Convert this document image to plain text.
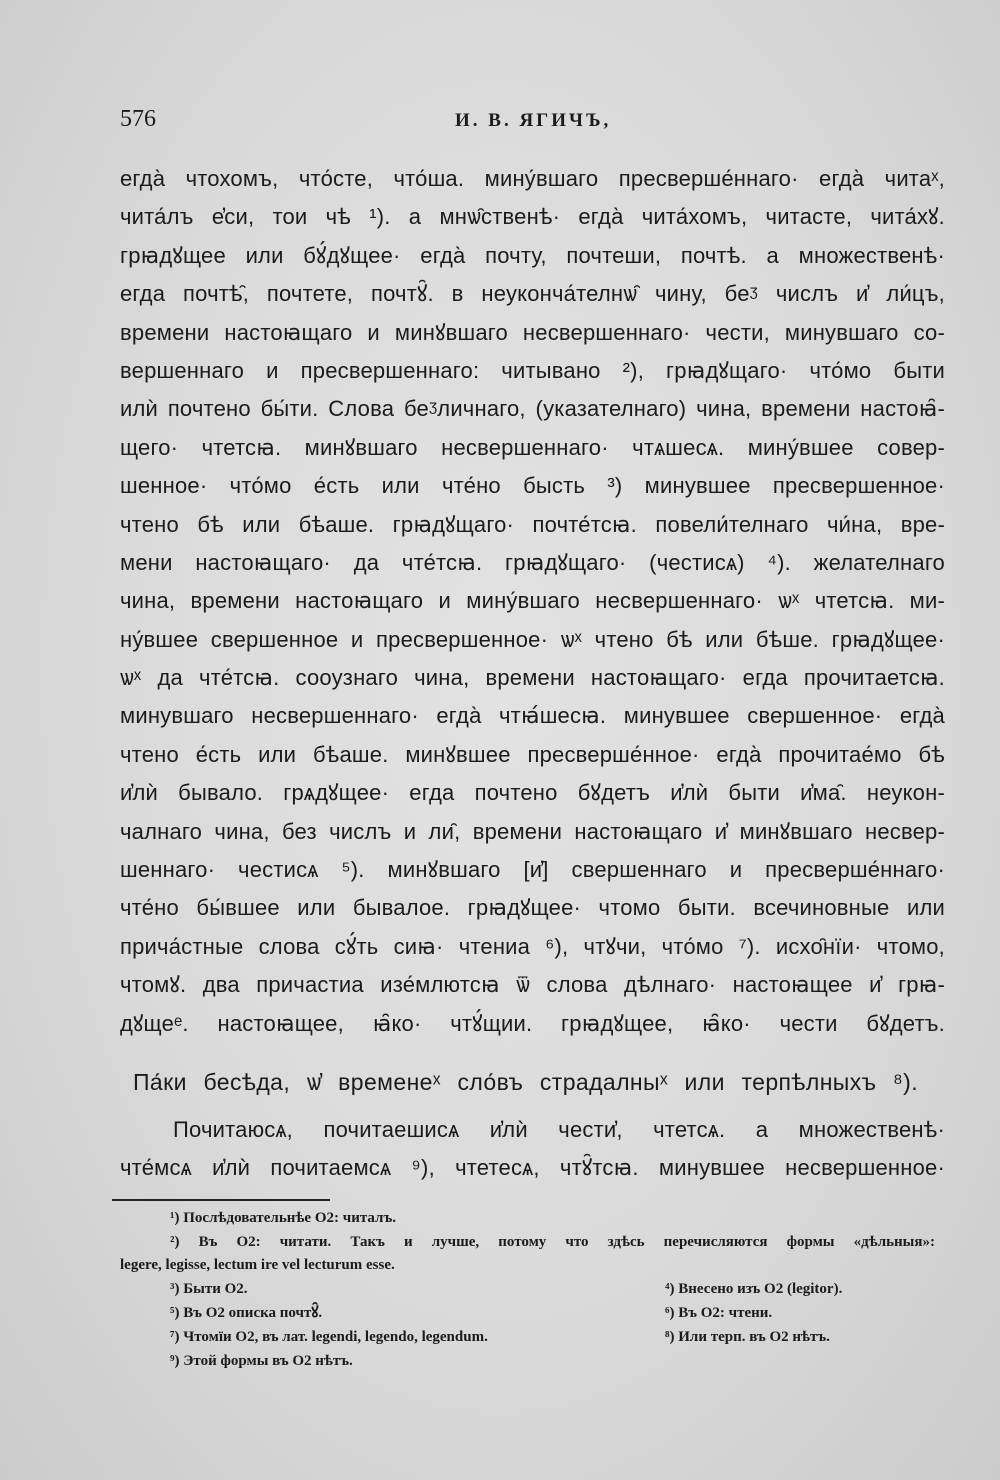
576	И. В. ЯГИЧЪ,
егда̀ чтохомъ, что́сте, что́ша. мину́вшаго пресверше́ннаго· егда̀ читаˣ,
чита́лъ е̓си, тои чѣ ¹). а мнѡ̑ственѣ· егда̀ чита́хомъ, читасте, чита́хꙋ.
грꙗдꙋщее или бꙋ́дꙋщее· егда̀ почту, почтеши, почтѣ. а множественѣ·
егда почтѣ̑, почтете, почтꙋ̑. в неуконча́телнѡ̑ чину, беᶾ числъ и̓ ли́цъ,
времени настоꙗщаго и минꙋвшаго несвершеннаго· чести, минувшаго со-
вершеннаго и пресвершеннаго: читывано ²), грꙗдꙋщаго· что́мо быти
илѝ почтено бы́ти. Слова беᶾличнаго, (указателнаго) чина, времени настоꙗ̑-
щего· чтетсꙗ. минꙋвшаго несвершеннаго· чтѧшесѧ. мину́вшее совер-
шенное· что́мо е́сть или чте́но бысть ³) минувшее пресвершенное·
чтено бѣ или бѣаше. грꙗдꙋщаго· почте́тсꙗ. повели́телнаго чи́на, вре-
мени настоꙗщаго· да чте́тсꙗ. грꙗдꙋщаго· (честисѧ) ⁴). желателнаго
чина, времени настоꙗщаго и мину́вшаго несвершеннаго· ѡˣ чтетсꙗ. ми-
ну́вшее свершенное и пресвершенное· ѡˣ чтено бѣ или бѣше. грꙗдꙋщее·
ѡˣ да чте́тсꙗ. сооузнаго чина, времени настоꙗщаго· егда прочитаетсꙗ.
минувшаго несвершеннаго· егда̀ чтꙗ́шесꙗ. минувшее свершенное· егда̀
чтено е́сть или бѣаше. минꙋвшее пресверше́нное· егда̀ прочитае́мо бѣ
и̓лѝ бывало. грѧдꙋщее· егда почтено бꙋдетъ и̓лѝ быти и̓ма̑. неукон-
чалнаго чина, без числъ и ли̑, времени настоꙗщаго и̓ минꙋвшаго несвер-
шеннаго· честисѧ ⁵). минꙋвшаго [и̓] свершеннаго и пресверше́ннаго·
чте́но бы́вшее или бывалое. грꙗдꙋщее· чтомо быти. всечиновные или
прича́стные слова сꙋ́ть сиꙗ· чтениа ⁶), чтꙋчи, что́мо ⁷). исхо̑нїи· чтомо,
чтомꙋ. два причастиа изе́млютсꙗ ѿ слова дѣлнаго· настоꙗщее и̓ грꙗ-
дꙋщеᵉ. настоꙗщее, ꙗ̑ко· чтꙋ́щии. грꙗдꙋщее, ꙗ̑ко· чести бꙋдетъ.
Па́ки бесѣда, ѡ̓ временеˣ сло́въ страдалныˣ или терпѣлныхъ ⁸).
Почитаюсѧ, почитаешисѧ и̓лѝ чести̓, чтетсѧ. а множественѣ·
чте́мсѧ и̓лѝ почитаемсѧ ⁹), чтетесѧ, чтꙋ̑тсꙗ. минувшее несвершенное·
¹) Послѣдовательнѣе О2: читалъ.
²) Въ О2: читати. Такъ и лучше, потому что здѣсь перечисляются формы «дѣльныя»:
legere, legisse, lectum ire vel lecturum esse.
³) Быти О2.	⁴) Внесено изъ О2 (legitor).
⁵) Въ О2 описка почтꙋ̑.	⁶) Въ О2: чтени.
⁷) Чтомїи О2, въ лат. legendi, legendo, legendum.	⁸) Или терп. въ О2 нѣтъ.
⁹) Этой формы въ О2 нѣтъ.
